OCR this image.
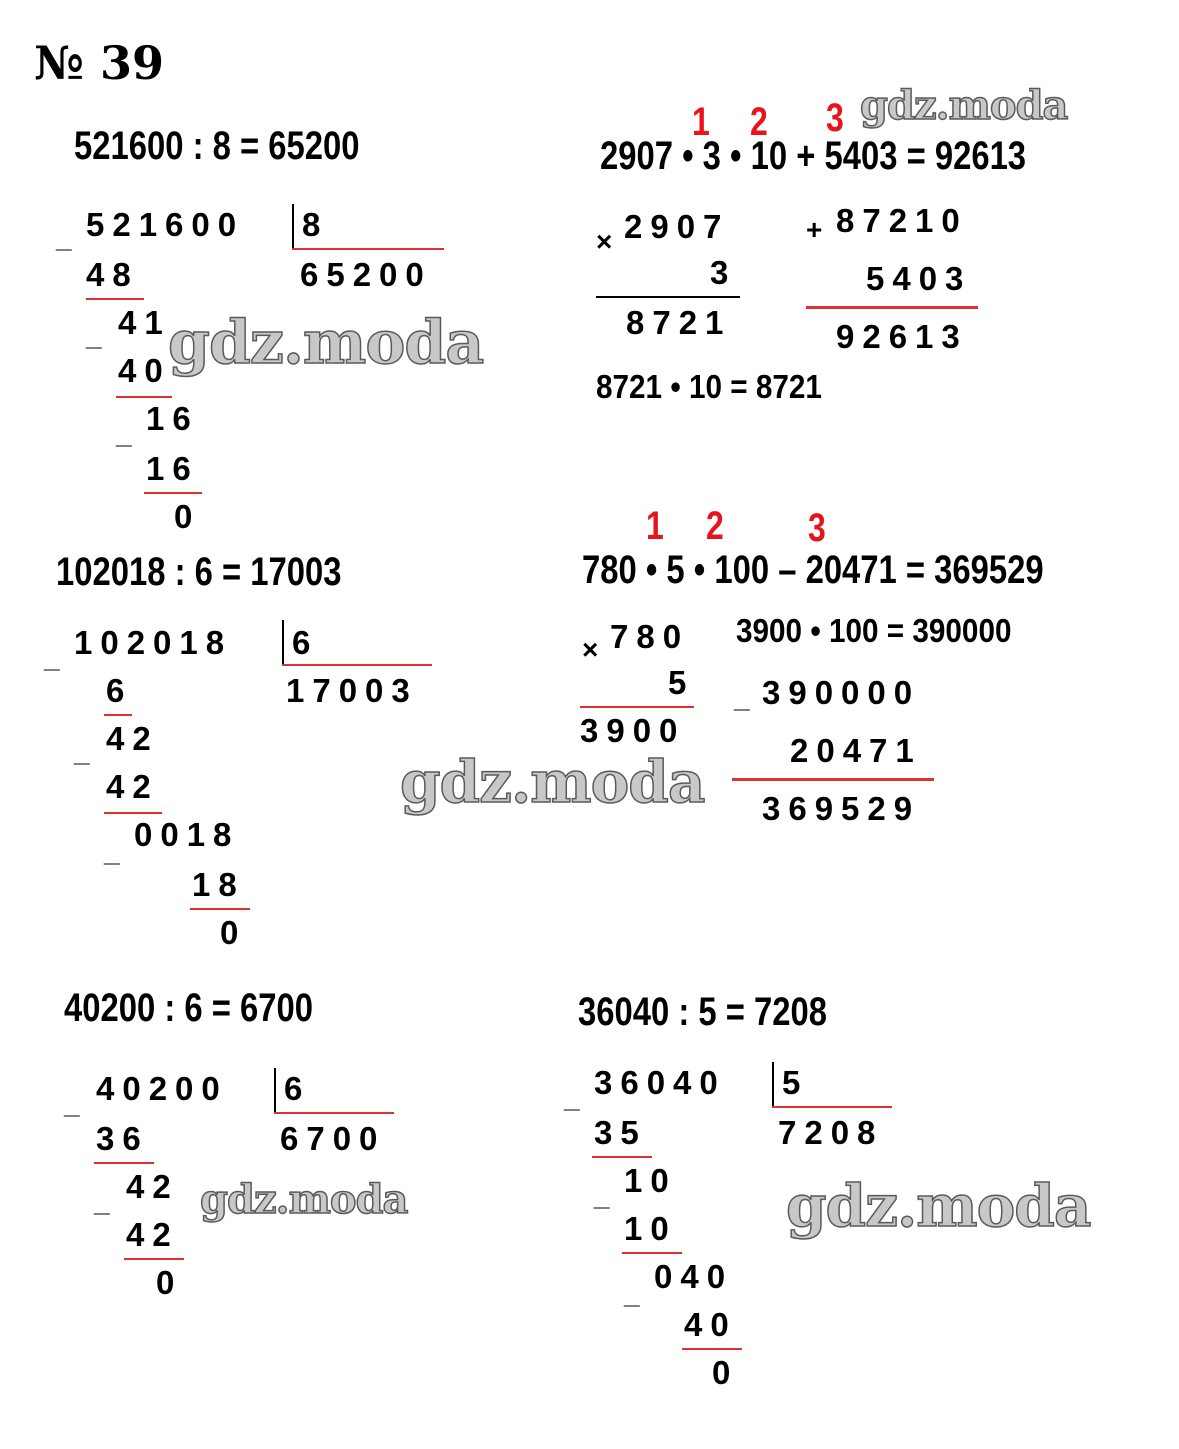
№ 39
521600 : 8 = 65200
_ 521600 8
65200
48
41
_
40
16
_
16
0
1 2 3
2907 • 3 • 10 + 5403 = 92613
× 2907
3
8721
+ 87210
5403
92613
8721 • 10 = 8721
102018 : 6 = 17003
_ 102018 6
17003
6
42
_
42
0018
_
18
0
1 2 3
780 • 5 • 100 – 20471 = 369529
× 780
5
3900
3900 • 100 = 390000
_ 390000
20471
369529
40200 : 6 = 6700
_ 40200 6
6700
36
42
_
42
0
36040 : 5 = 7208
_ 36040 5
7208
35
10
_
10
040
_
40
0
gdz.moda
gdz.moda
gdz.moda
gdz.moda	gdz.moda
